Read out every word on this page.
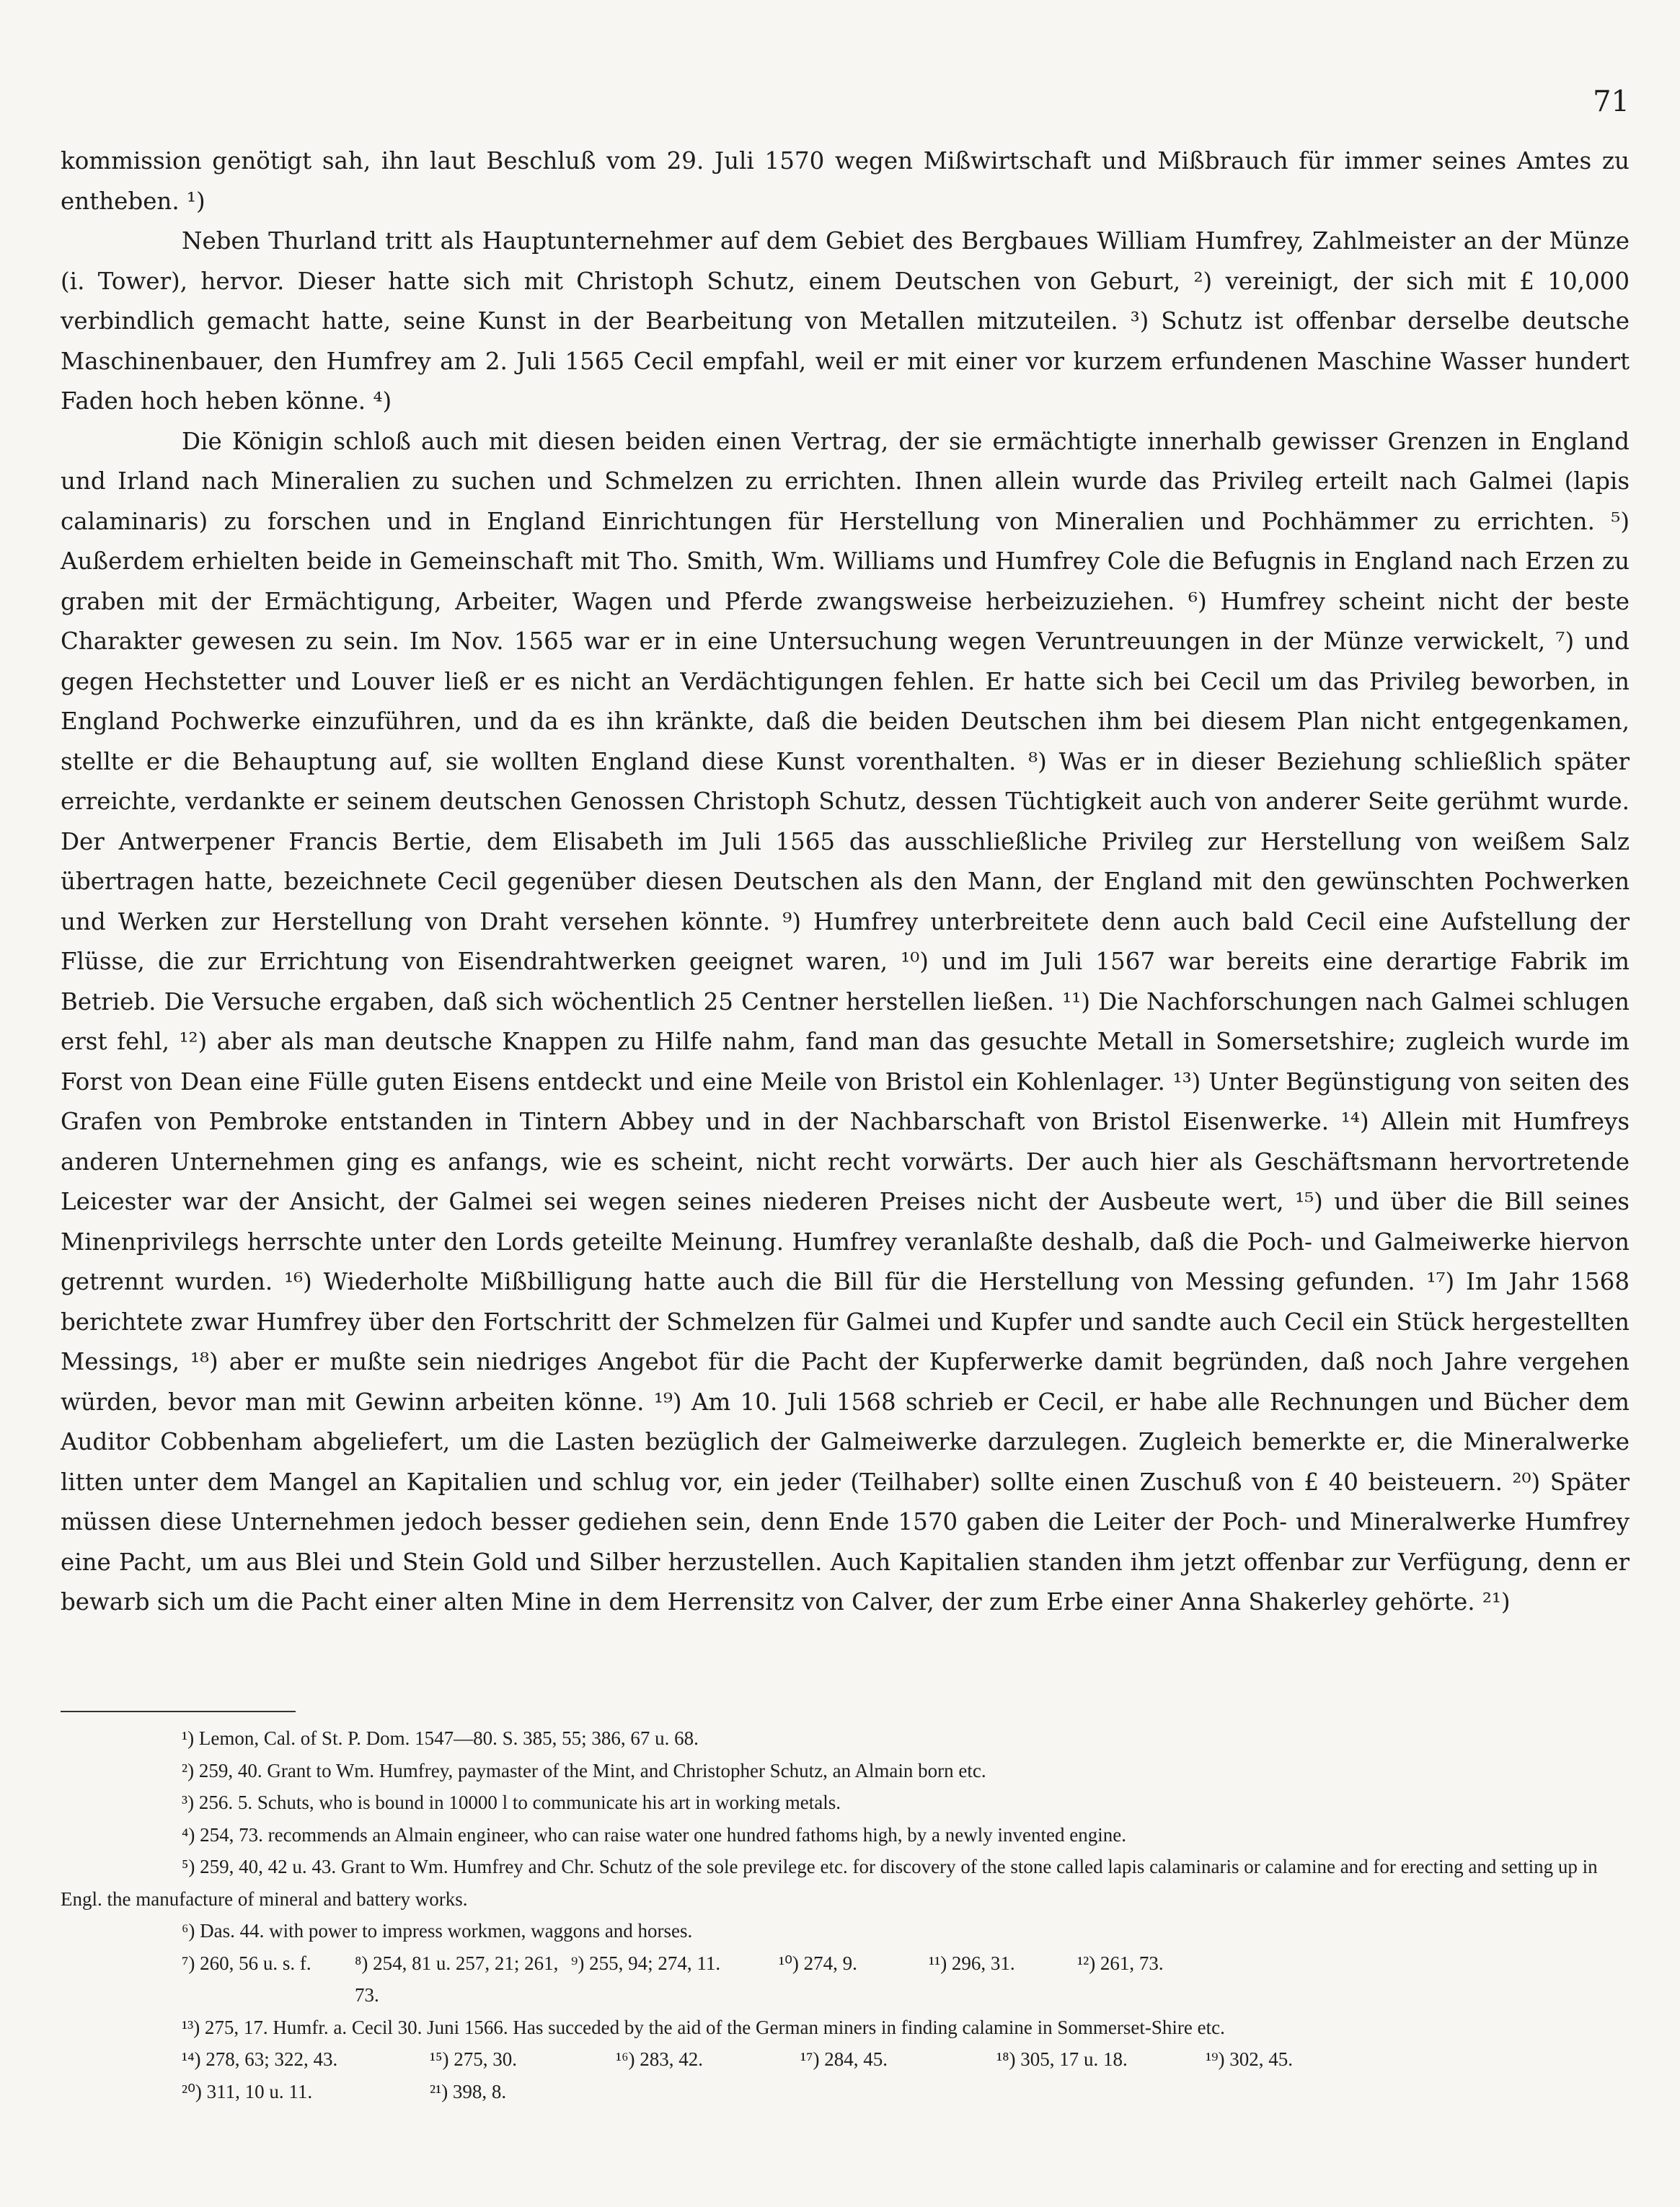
71

kommission genötigt sah, ihn laut Beschluß vom 29. Juli 1570 wegen Mißwirtschaft und Mißbrauch für immer seines Amtes zu entheben. ¹)

Neben Thurland tritt als Hauptunternehmer auf dem Gebiet des Bergbaues William Humfrey, Zahlmeister an der Münze (i. Tower), hervor. Dieser hatte sich mit Christoph Schutz, einem Deutschen von Geburt, ²) vereinigt, der sich mit £ 10,000 verbindlich gemacht hatte, seine Kunst in der Bearbeitung von Metallen mitzuteilen. ³) Schutz ist offenbar derselbe deutsche Maschinenbauer, den Humfrey am 2. Juli 1565 Cecil empfahl, weil er mit einer vor kurzem erfundenen Maschine Wasser hundert Faden hoch heben könne. ⁴)

Die Königin schloß auch mit diesen beiden einen Vertrag, der sie ermächtigte innerhalb gewisser Grenzen in England und Irland nach Mineralien zu suchen und Schmelzen zu errichten. Ihnen allein wurde das Privileg erteilt nach Galmei (lapis calaminaris) zu forschen und in England Einrichtungen für Herstellung von Mineralien und Pochhämmer zu errichten. ⁵) Außerdem erhielten beide in Gemeinschaft mit Tho. Smith, Wm. Williams und Humfrey Cole die Befugnis in England nach Erzen zu graben mit der Ermächtigung, Arbeiter, Wagen und Pferde zwangsweise herbeizuziehen. ⁶) Humfrey scheint nicht der beste Charakter gewesen zu sein. Im Nov. 1565 war er in eine Untersuchung wegen Veruntreuungen in der Münze verwickelt, ⁷) und gegen Hechstetter und Louver ließ er es nicht an Verdächtigungen fehlen. Er hatte sich bei Cecil um das Privileg beworben, in England Pochwerke einzuführen, und da es ihn kränkte, daß die beiden Deutschen ihm bei diesem Plan nicht entgegenkamen, stellte er die Behauptung auf, sie wollten England diese Kunst vorenthalten. ⁸) Was er in dieser Beziehung schließlich später erreichte, verdankte er seinem deutschen Genossen Christoph Schutz, dessen Tüchtigkeit auch von anderer Seite gerühmt wurde. Der Antwerpener Francis Bertie, dem Elisabeth im Juli 1565 das ausschließliche Privileg zur Herstellung von weißem Salz übertragen hatte, bezeichnete Cecil gegenüber diesen Deutschen als den Mann, der England mit den gewünschten Pochwerken und Werken zur Herstellung von Draht versehen könnte. ⁹) Humfrey unterbreitete denn auch bald Cecil eine Aufstellung der Flüsse, die zur Errichtung von Eisendrahtwerken geeignet waren, ¹⁰) und im Juli 1567 war bereits eine derartige Fabrik im Betrieb. Die Versuche ergaben, daß sich wöchentlich 25 Centner herstellen ließen. ¹¹) Die Nachforschungen nach Galmei schlugen erst fehl, ¹²) aber als man deutsche Knappen zu Hilfe nahm, fand man das gesuchte Metall in Somersetshire; zugleich wurde im Forst von Dean eine Fülle guten Eisens entdeckt und eine Meile von Bristol ein Kohlenlager. ¹³) Unter Begünstigung von seiten des Grafen von Pembroke entstanden in Tintern Abbey und in der Nachbarschaft von Bristol Eisenwerke. ¹⁴) Allein mit Humfreys anderen Unternehmen ging es anfangs, wie es scheint, nicht recht vorwärts. Der auch hier als Geschäftsmann hervortretende Leicester war der Ansicht, der Galmei sei wegen seines niederen Preises nicht der Ausbeute wert, ¹⁵) und über die Bill seines Minenprivilegs herrschte unter den Lords geteilte Meinung. Humfrey veranlaßte deshalb, daß die Poch- und Galmeiwerke hiervon getrennt wurden. ¹⁶) Wiederholte Mißbilligung hatte auch die Bill für die Herstellung von Messing gefunden. ¹⁷) Im Jahr 1568 berichtete zwar Humfrey über den Fortschritt der Schmelzen für Galmei und Kupfer und sandte auch Cecil ein Stück hergestellten Messings, ¹⁸) aber er mußte sein niedriges Angebot für die Pacht der Kupferwerke damit begründen, daß noch Jahre vergehen würden, bevor man mit Gewinn arbeiten könne. ¹⁹) Am 10. Juli 1568 schrieb er Cecil, er habe alle Rechnungen und Bücher dem Auditor Cobbenham abgeliefert, um die Lasten bezüglich der Galmeiwerke darzulegen. Zugleich bemerkte er, die Mineralwerke litten unter dem Mangel an Kapitalien und schlug vor, ein jeder (Teilhaber) sollte einen Zuschuß von £ 40 beisteuern. ²⁰) Später müssen diese Unternehmen jedoch besser gediehen sein, denn Ende 1570 gaben die Leiter der Poch- und Mineralwerke Humfrey eine Pacht, um aus Blei und Stein Gold und Silber herzustellen. Auch Kapitalien standen ihm jetzt offenbar zur Verfügung, denn er bewarb sich um die Pacht einer alten Mine in dem Herrensitz von Calver, der zum Erbe einer Anna Shakerley gehörte. ²¹)

¹) Lemon, Cal. of St. P. Dom. 1547—80. S. 385, 55; 386, 67 u. 68.

²) 259, 40. Grant to Wm. Humfrey, paymaster of the Mint, and Christopher Schutz, an Almain born etc.

³) 256. 5. Schuts, who is bound in 10000 l to communicate his art in working metals.

⁴) 254, 73. recommends an Almain engineer, who can raise water one hundred fathoms high, by a newly invented engine.

⁵) 259, 40, 42 u. 43. Grant to Wm. Humfrey and Chr. Schutz of the sole previlege etc. for discovery of the stone called lapis calaminaris or calamine and for erecting and setting up in Engl. the manufacture of mineral and battery works.

⁶) Das. 44. with power to impress workmen, waggons and horses.

⁷) 260, 56 u. s. f.	⁸) 254, 81 u. 257, 21; 261, 73.
⁹) 255, 94; 274, 11.	¹⁰) 274, 9.	¹¹) 296, 31.	¹²) 261, 73.

¹³) 275, 17. Humfr. a. Cecil 30. Juni 1566. Has succeded by the aid of the German miners in finding calamine in Sommerset-Shire etc.

¹⁴) 278, 63; 322, 43.	¹⁵) 275, 30.	¹⁶) 283, 42.	¹⁷) 284, 45.	¹⁸) 305, 17 u. 18.	¹⁹) 302, 45.
²⁰) 311, 10 u. 11.	²¹) 398, 8.
